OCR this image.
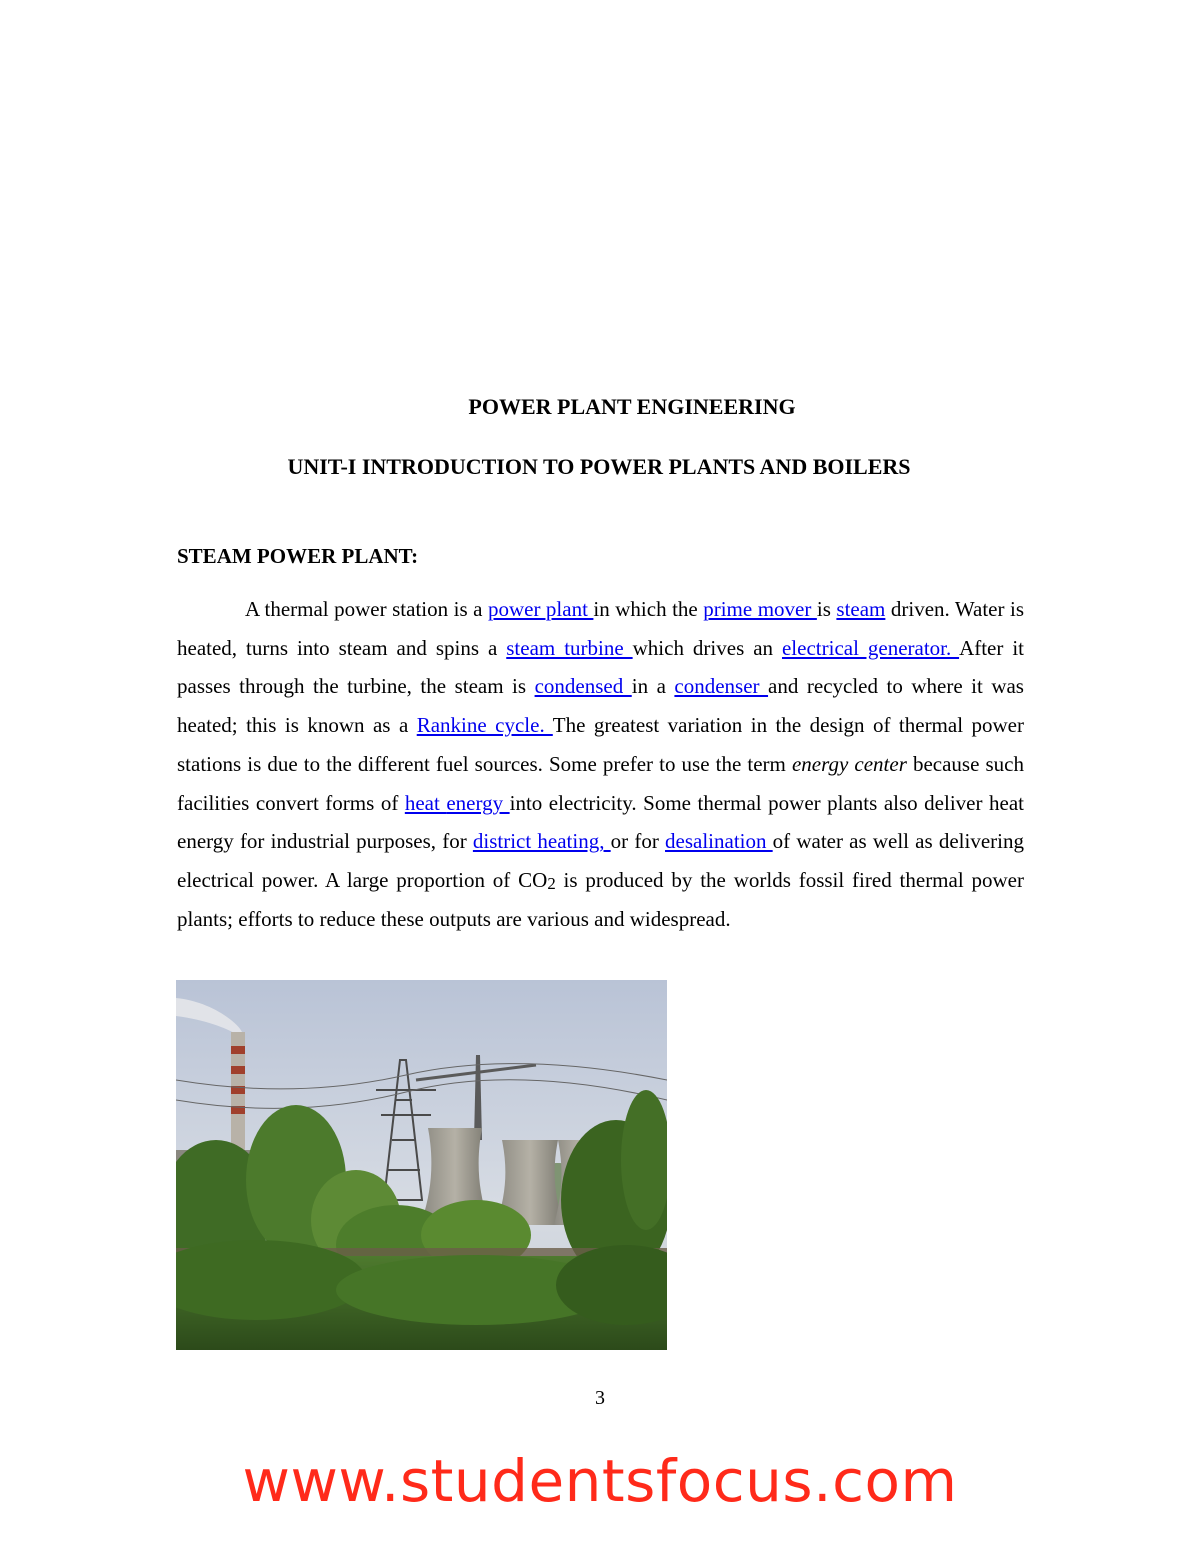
POWER PLANT ENGINEERING
UNIT-I INTRODUCTION TO POWER PLANTS AND BOILERS
STEAM POWER PLANT:

A thermal power station is a power plant in which the prime mover is steam driven. Water is heated, turns into steam and spins a steam turbine which drives an electrical generator. After it passes through the turbine, the steam is condensed in a condenser and recycled to where it was heated; this is known as a Rankine cycle. The greatest variation in the design of thermal power stations is due to the different fuel sources. Some prefer to use the term energy center because such facilities convert forms of heat energy into electricity. Some thermal power plants also deliver heat energy for industrial purposes, for district heating, or for desalination of water as well as delivering electrical power. A large proportion of $CO_2$ is produced by the worlds fossil fired thermal power plants; efforts to reduce these outputs are various and widespread.

3

www.studentsfocus.com
